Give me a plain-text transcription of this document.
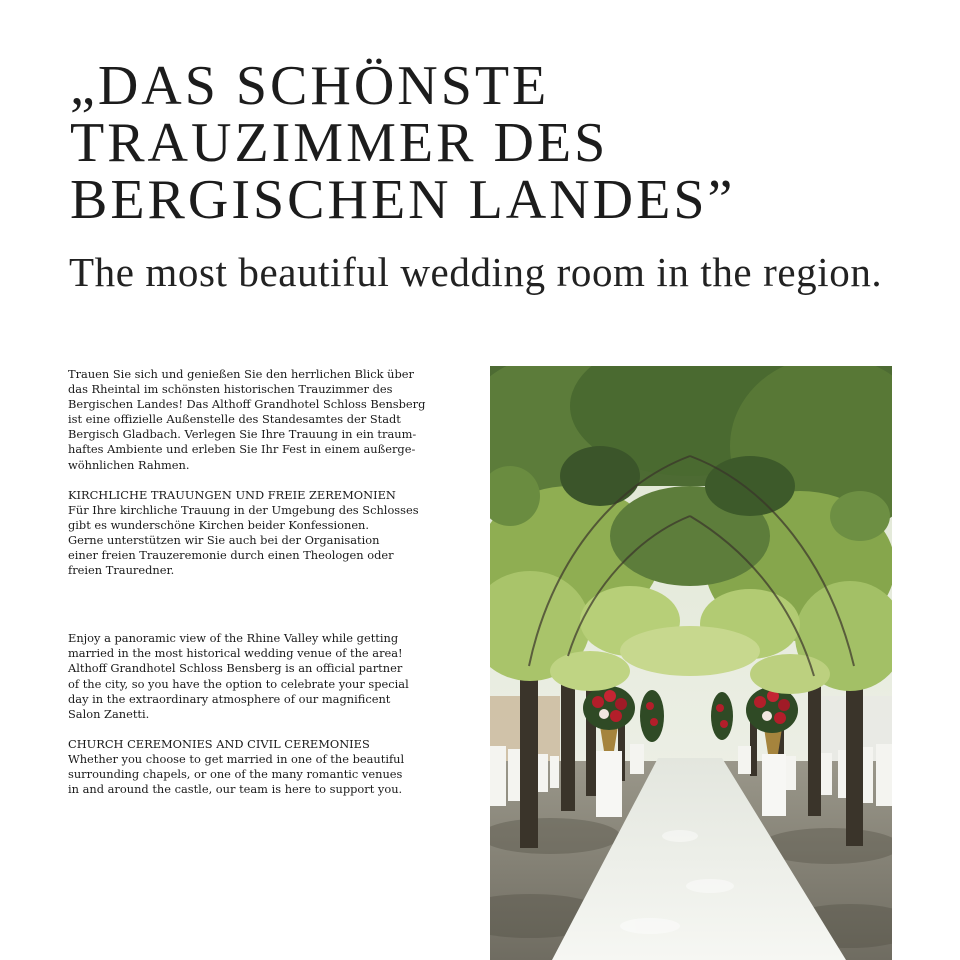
„DAS SCHÖNSTE
TRAUZIMMER DES
BERGISCHEN LANDES”
The most beautiful wedding room in the region.

Trauen Sie sich und genießen Sie den herrlichen Blick über
das Rheintal im schönsten historischen Trauzimmer des
Bergischen Landes! Das Althoff Grandhotel Schloss Bensberg
ist eine offizielle Außenstelle des Standesamtes der Stadt
Bergisch Gladbach. Verlegen Sie Ihre Trauung in ein traum-
haftes Ambiente und erleben Sie Ihr Fest in einem außerge-
wöhnlichen Rahmen.

KIRCHLICHE TRAUUNGEN UND FREIE ZEREMONIEN
Für Ihre kirchliche Trauung in der Umgebung des Schlosses
gibt es wunderschöne Kirchen beider Konfessionen.
Gerne unterstützen wir Sie auch bei der Organisation
einer freien Trauzeremonie durch einen Theologen oder
freien Trauredner.

Enjoy a panoramic view of the Rhine Valley while getting
married in the most historical wedding venue of the area!
Althoff Grandhotel Schloss Bensberg is an official partner
of the city, so you have the option to celebrate your special
day in the extraordinary atmosphere of our magnificent
Salon Zanetti.

CHURCH CEREMONIES AND CIVIL CEREMONIES
Whether you choose to get married in one of the beautiful
surrounding chapels, or one of the many romantic venues
in and around the castle, our team is here to support you.
